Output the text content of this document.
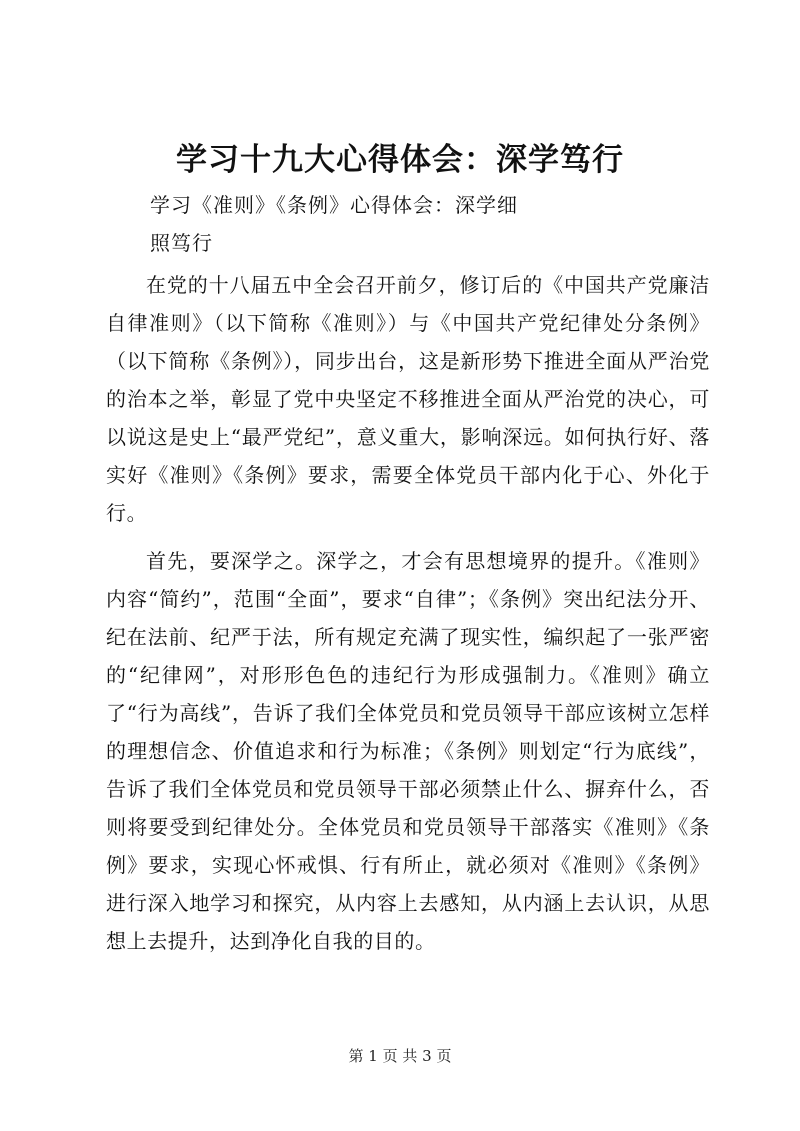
学习十九大心得体会：深学笃行
学习《准则》《条例》心得体会：深学细
照笃行

在党的十八届五中全会召开前夕，修订后的《中国共产党廉洁自律准则》（以下简称《准则》）与《中国共产党纪律处分条例》（以下简称《条例》），同步出台，这是新形势下推进全面从严治党的治本之举，彰显了党中央坚定不移推进全面从严治党的决心，可以说这是史上“最严党纪”，意义重大，影响深远。如何执行好、落实好《准则》《条例》要求，需要全体党员干部内化于心、外化于行。

首先，要深学之。深学之，才会有思想境界的提升。《准则》内容“简约”，范围“全面”，要求“自律”；《条例》突出纪法分开、纪在法前、纪严于法，所有规定充满了现实性，编织起了一张严密的“纪律网”，对形形色色的违纪行为形成强制力。《准则》确立了“行为高线”，告诉了我们全体党员和党员领导干部应该树立怎样的理想信念、价值追求和行为标准；《条例》则划定“行为底线”，告诉了我们全体党员和党员领导干部必须禁止什么、摒弃什么，否则将要受到纪律处分。全体党员和党员领导干部落实《准则》《条例》要求，实现心怀戒惧、行有所止，就必须对《准则》《条例》进行深入地学习和探究，从内容上去感知，从内涵上去认识，从思想上去提升，达到净化自我的目的。

第 1 页 共 3 页
